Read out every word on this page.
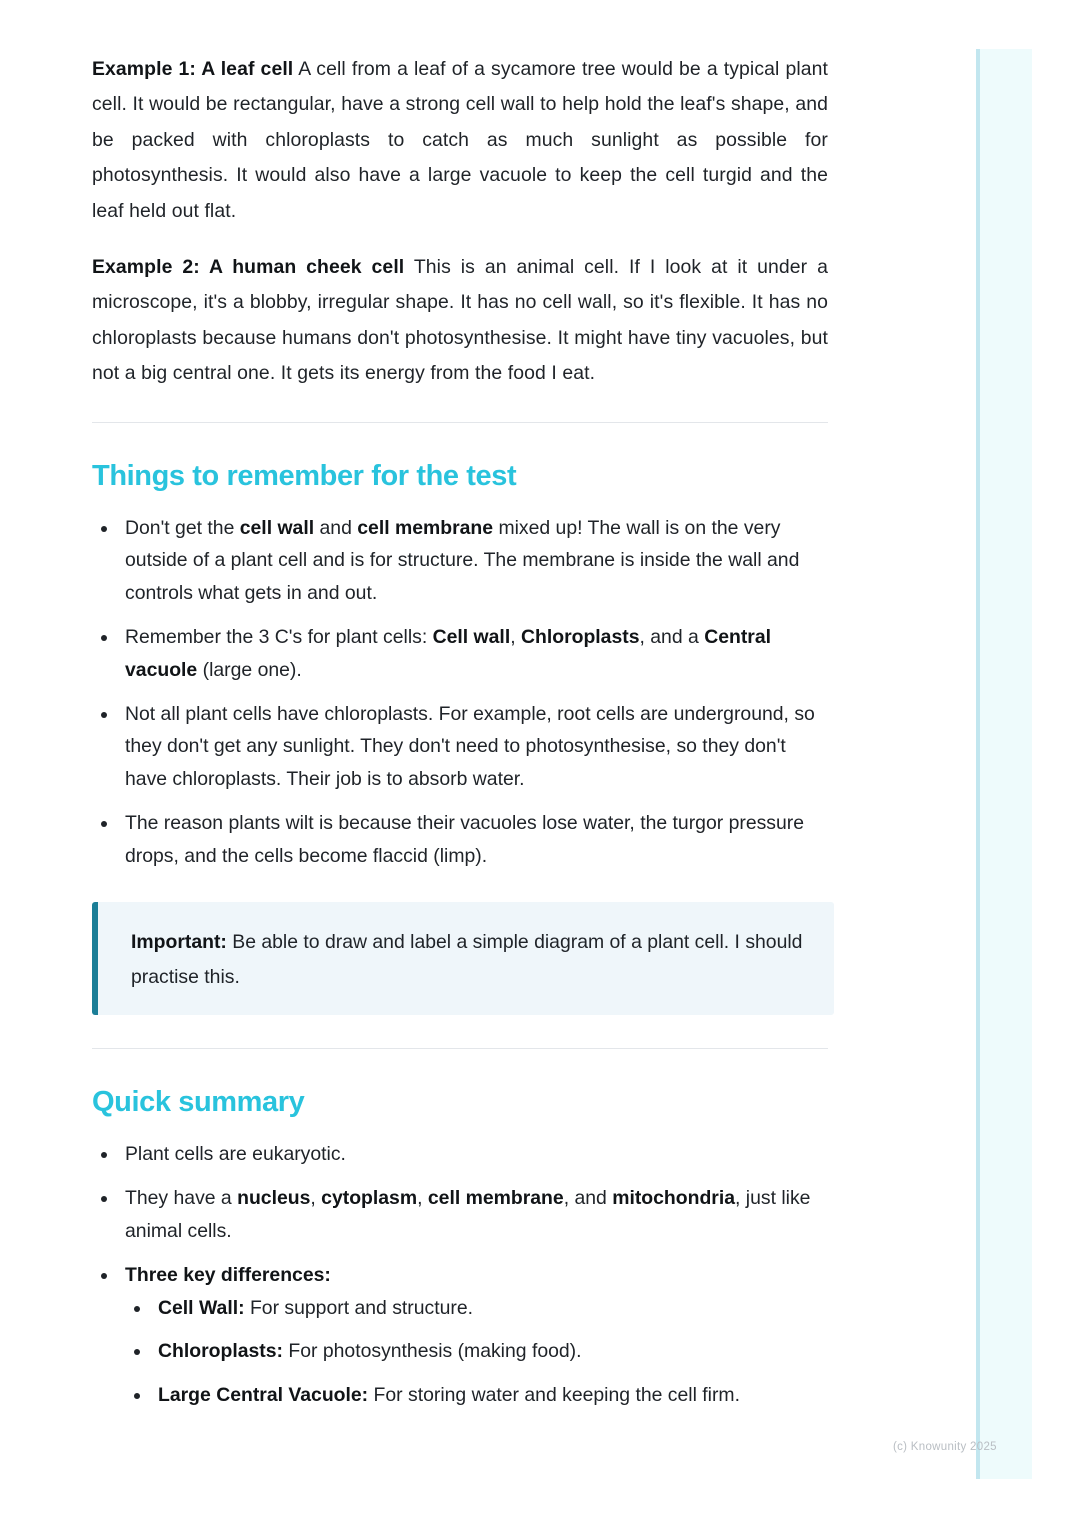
Example 1: A leaf cell A cell from a leaf of a sycamore tree would be a typical plant cell. It would be rectangular, have a strong cell wall to help hold the leaf's shape, and be packed with chloroplasts to catch as much sunlight as possible for photosynthesis. It would also have a large vacuole to keep the cell turgid and the leaf held out flat.

Example 2: A human cheek cell This is an animal cell. If I look at it under a microscope, it's a blobby, irregular shape. It has no cell wall, so it's flexible. It has no chloroplasts because humans don't photosynthesise. It might have tiny vacuoles, but not a big central one. It gets its energy from the food I eat.

Things to remember for the test
Don't get the cell wall and cell membrane mixed up! The wall is on the very outside of a plant cell and is for structure. The membrane is inside the wall and controls what gets in and out.
Remember the 3 C's for plant cells: Cell wall, Chloroplasts, and a Central vacuole (large one).
Not all plant cells have chloroplasts. For example, root cells are underground, so they don't get any sunlight. They don't need to photosynthesise, so they don't have chloroplasts. Their job is to absorb water.
The reason plants wilt is because their vacuoles lose water, the turgor pressure drops, and the cells become flaccid (limp).
Important: Be able to draw and label a simple diagram of a plant cell. I should practise this.
Quick summary
Plant cells are eukaryotic.
They have a nucleus, cytoplasm, cell membrane, and mitochondria, just like animal cells.
Three key differences:
Cell Wall: For support and structure.
Chloroplasts: For photosynthesis (making food).
Large Central Vacuole: For storing water and keeping the cell firm.
(c) Knowunity 2025
